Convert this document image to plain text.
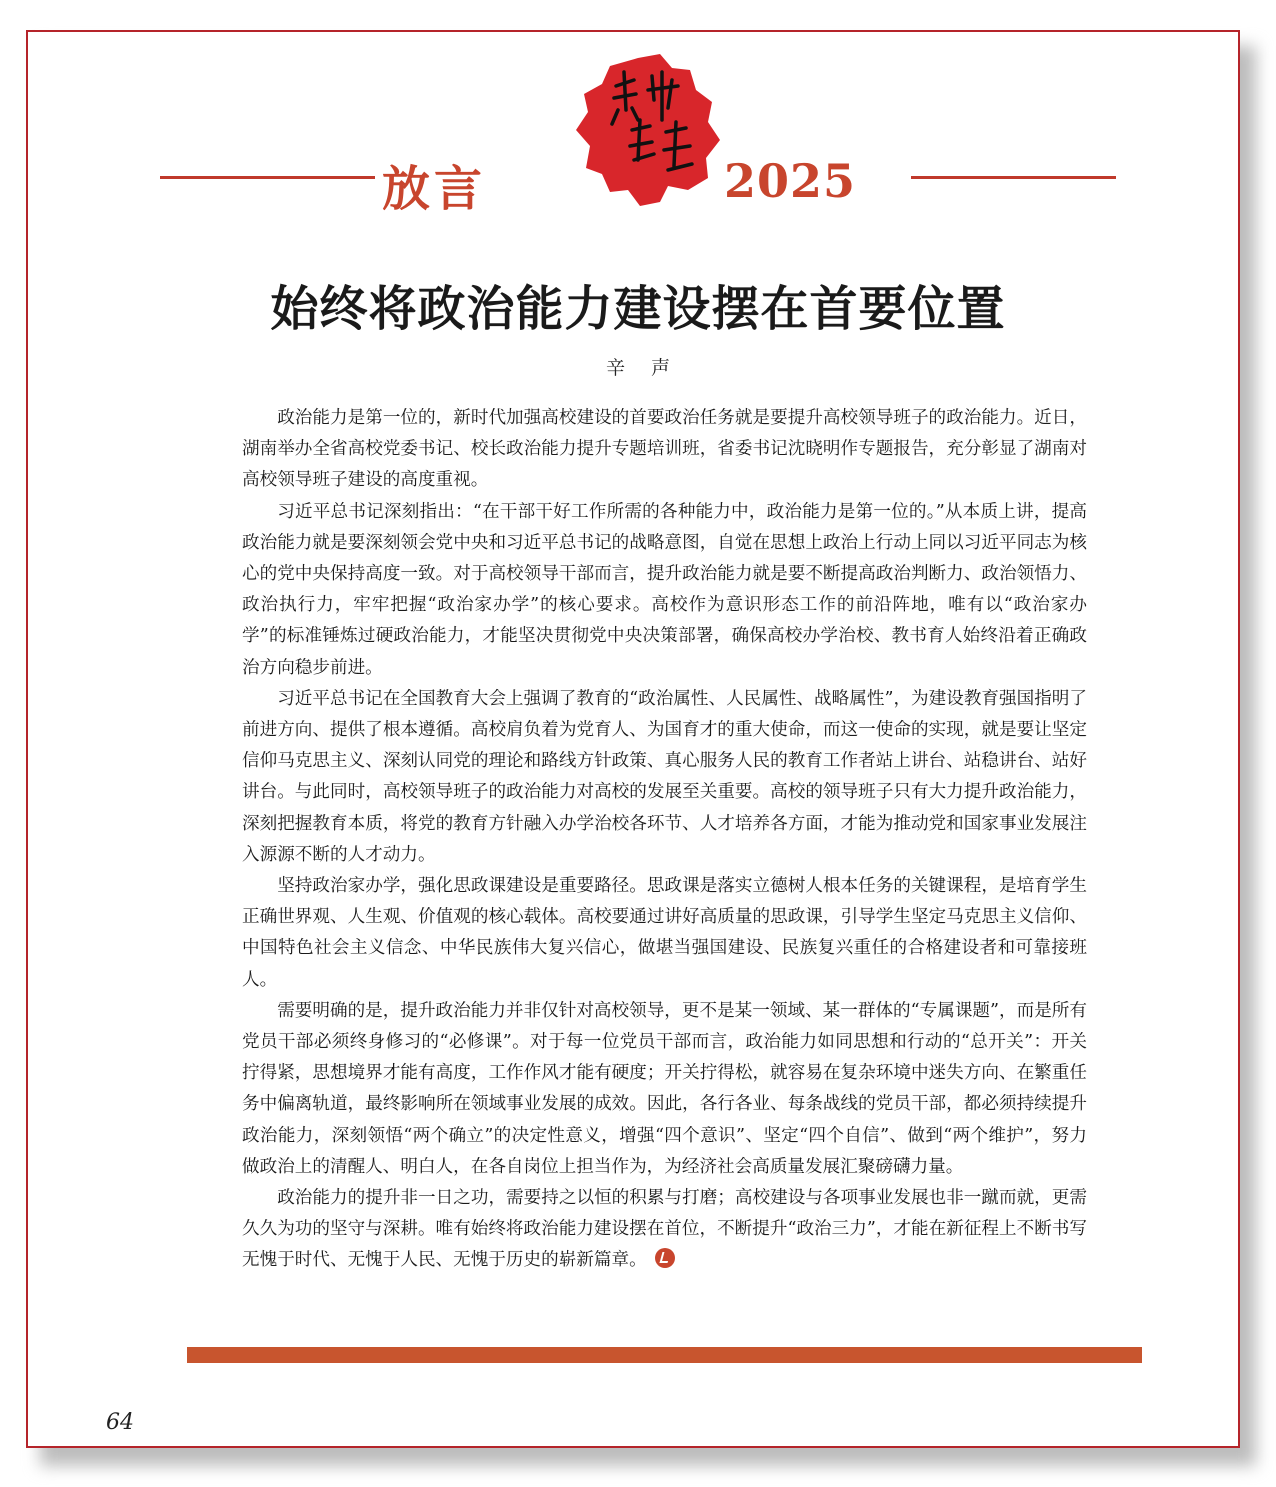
放言	2025
始终将政治能力建设摆在首要位置
辛声

政治能力是第一位的，新时代加强高校建设的首要政治任务就是要提升高校领导班子的政治能力。近日，湖南举办全省高校党委书记、校长政治能力提升专题培训班，省委书记沈晓明作专题报告，充分彰显了湖南对高校领导班子建设的高度重视。

习近平总书记深刻指出：“在干部干好工作所需的各种能力中，政治能力是第一位的。”从本质上讲，提高政治能力就是要深刻领会党中央和习近平总书记的战略意图，自觉在思想上政治上行动上同以习近平同志为核心的党中央保持高度一致。对于高校领导干部而言，提升政治能力就是要不断提高政治判断力、政治领悟力、政治执行力，牢牢把握“政治家办学”的核心要求。高校作为意识形态工作的前沿阵地，唯有以“政治家办学”的标准锤炼过硬政治能力，才能坚决贯彻党中央决策部署，确保高校办学治校、教书育人始终沿着正确政治方向稳步前进。

习近平总书记在全国教育大会上强调了教育的“政治属性、人民属性、战略属性”，为建设教育强国指明了前进方向、提供了根本遵循。高校肩负着为党育人、为国育才的重大使命，而这一使命的实现，就是要让坚定信仰马克思主义、深刻认同党的理论和路线方针政策、真心服务人民的教育工作者站上讲台、站稳讲台、站好讲台。与此同时，高校领导班子的政治能力对高校的发展至关重要。高校的领导班子只有大力提升政治能力，深刻把握教育本质，将党的教育方针融入办学治校各环节、人才培养各方面，才能为推动党和国家事业发展注入源源不断的人才动力。

坚持政治家办学，强化思政课建设是重要路径。思政课是落实立德树人根本任务的关键课程，是培育学生正确世界观、人生观、价值观的核心载体。高校要通过讲好高质量的思政课，引导学生坚定马克思主义信仰、中国特色社会主义信念、中华民族伟大复兴信心，做堪当强国建设、民族复兴重任的合格建设者和可靠接班人。

需要明确的是，提升政治能力并非仅针对高校领导，更不是某一领域、某一群体的“专属课题”，而是所有党员干部必须终身修习的“必修课”。对于每一位党员干部而言，政治能力如同思想和行动的“总开关”：开关拧得紧，思想境界才能有高度，工作作风才能有硬度；开关拧得松，就容易在复杂环境中迷失方向、在繁重任务中偏离轨道，最终影响所在领域事业发展的成效。因此，各行各业、每条战线的党员干部，都必须持续提升政治能力，深刻领悟“两个确立”的决定性意义，增强“四个意识”、坚定“四个自信”、做到“两个维护”，努力做政治上的清醒人、明白人，在各自岗位上担当作为，为经济社会高质量发展汇聚磅礴力量。

政治能力的提升非一日之功，需要持之以恒的积累与打磨；高校建设与各项事业发展也非一蹴而就，更需久久为功的坚守与深耕。唯有始终将政治能力建设摆在首位，不断提升“政治三力”，才能在新征程上不断书写无愧于时代、无愧于人民、无愧于历史的崭新篇章。

64
